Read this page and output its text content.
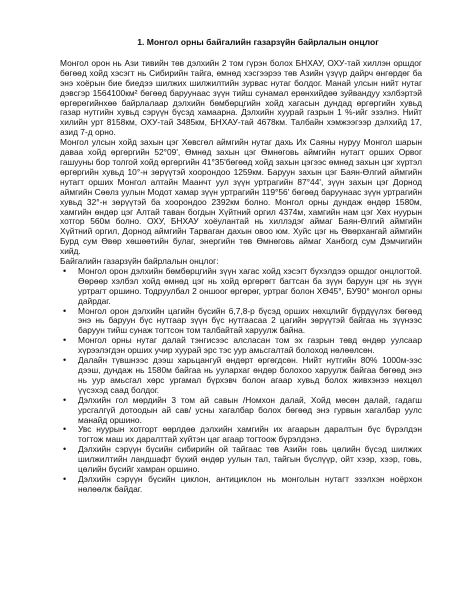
1. Монгол орны байгалийн газарзүйн байрлалын онцлог

Монгол орон нь Ази тивийн төв дэлхийн 2 том гүрэн болох БНХАУ, ОХУ-тай хиллэн оршдог бөгөөд хойд хэсэгт нь Сибирийн тайга, өмнөд хэсгээрээ төв Азийн үзүүр дайрч өнгөрдөг ба энэ хоёрын бие биедээ шилжих шилжилтийн зурвас нутаг болдог. Манай улсын нийт нутаг дэвсгэр 1564100км² бөгөөд баруунаас зүүн тийш сунамал ерөнхийдөө зуйвандуу хэлбэртэй өргөрөгийнхөө байрлалаар дэлхийн бөмбөрцгийн хойд хагасын дундад өргөргийн хувьд газар нутгийн хувьд сэрүүн бүсэд хамаарна. Дэлхийн хуурай газрын 1 %-ийг эзэлнэ. Нийт хилийн урт 8158км, ОХУ-тай 3485км, БНХАУ-тай 4678км. Талбайн хэмжээгээр дэлхийд 17, азид 7-д орно.

Монгол улсын хойд захын цэг Хөвсгөл аймгийн нутаг дахь Их Саяны нуруу Монгол шарын даваа хойд өргөргийн 52°09', Өмнөд захын цэг Өмнөговь аймгийн нутагт орших Орвог гашууны бор толгой хойд өргөргийн 41°35'бөгөөд хойд захын цэгээс өмнөд захын цэг хүртэл өргөргийн хувьд 10°-н зөрүүтэй хоорондоо 1259км. Баруун захын цэг Баян-Өлгий аймгийн нутагт орших Монгол алтайн Маанчт уул зүүн уртрагийн 87°44', зүүн захын цэг Дорнод аймгийн Сөөлз уулын Модот хамар зүүн уртрагийн 119°56' бөгөөд баруунаас зүүн уртрагийн хувьд 32°-н зөрүүтэй ба хоорондоо 2392км болно. Монгол орны дундаж өндөр 1580м, хамгийн өндөр цэг Алтай таван богдын Хүйтний оргил 4374м, хамгийн нам цэг Хөх нуурын хотгор 560м болно. ОХУ, БНХАУ хоёулантай нь хиллэдэг аймаг Баян-Өлгий аймгийн Хүйтний оргил, Дорнод аймгийн Тарваган дахын овоо юм. Хуйс цэг нь Өвөрхангай аймгийн Бурд сум Өвөр хөшөөтийн булаг, энергийн төв Өмнөговь аймаг Ханбогд сум Дэмчигийн хийд.

Байгалийн газарзүйн байрлалын онцлог:

• Монгол орон дэлхийн бөмбөрцгийн зүүн хагас хойд хэсэгт бүхэлдээ оршдог онцлогтой. Өөрөөр хэлбэл хойд өмнөд цэг нь хойд өргөрөгт багтсан ба зүүн баруун цэг нь зүүн уртрагт оршино. Тодруулбал 2 оншоог өргөрөг, уртраг болон ХӨ45°, БУ90° монгол орны дайрдаг.
• Монгол орон дэлхийн цагийн бүсийн 6,7,8-р бүсэд орших нөхцлийг бүрдүүлэх бөгөөд энэ нь баруун бүс нутгаар зүүн бүс нутгаасаа 2 цагийн зөрүүтэй байгаа нь зүүнээс баруун тийш сунаж тогтсон том талбайтай харуулж байна.
• Монгол орны нутаг далай тэнгисээс алсласан том эх газрын төвд өндөр уулсаар хүрээлэгдэн орших учир хуурай эрс тэс уур амьсгалтай болоход нөлөөлсөн.
• Далайн түвшнээс дээш харьцангуй өндөрт өргөгдсөн. Нийт нутгийн 80% 1000м-ээс дээш, дундаж нь 1580м байгаа нь уулархаг өндөр болохоо харуулж байгаа бөгөөд энэ нь уур амьсгал хөрс ургамал бүрхэвч болон агаар хувьд болох живхэнээ нөхцөл үүсэхэд саад болдог.
• Дэлхийн гол мөрдийн 3 том ай савын /Номхон далай, Хойд мөсөн далай, гадагш урсгалгүй дотоодын ай сав/ усны хагалбар болох бөгөөд энэ гурвын хагалбар уулс манайд оршино.
• Увс нуурын хотгорт өөрлдөө дэлхийн хамгийн их агаарын даралтын бүс бүрэлдэн тогтож маш их даралттай хүйтэн цаг агаар тогтоож бүрэлдэнэ.
• Дэлхийн сэрүүн бүсийн сибирийн ой тайгаас төв Азийн говь цөлийн бүсэд шилжих шилжилтийн ландшафт бүхий өндөр уулын тал, тайгын бүслүүр, ойт хээр, хээр, говь, цөлийн бүсийг хамран оршино.
• Дэлхийн сэрүүн бүсийн циклон, антициклон нь монголын нутагт эзэлхэн ноёрхон нөлөөлж байдаг.
